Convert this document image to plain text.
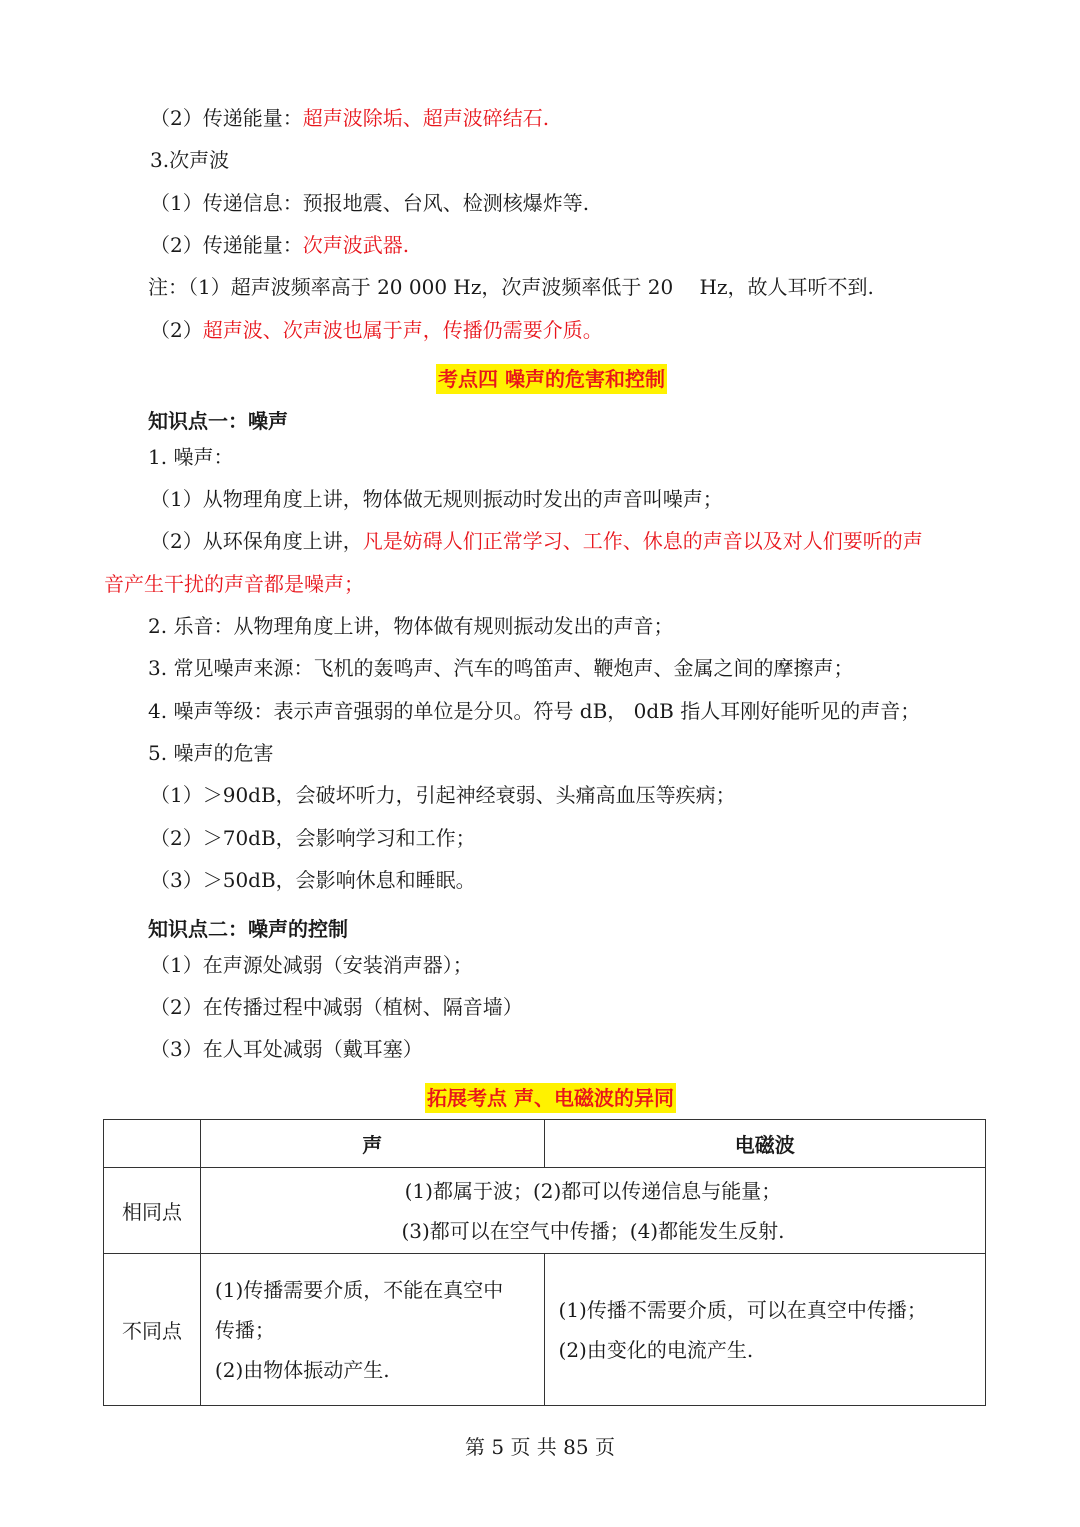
（2）传递能量：超声波除垢、超声波碎结石.
3.次声波
（1）传递信息：预报地震、台风、检测核爆炸等.
（2）传递能量：次声波武器.
注：（1）超声波频率高于 20 000 Hz，次声波频率低于 20　 Hz，故人耳听不到.
（2）超声波、次声波也属于声，传播仍需要介质。
考点四 噪声的危害和控制
知识点一：噪声
1. 噪声：
（1）从物理角度上讲，物体做无规则振动时发出的声音叫噪声；
（2）从环保角度上讲，凡是妨碍人们正常学习、工作、休息的声音以及对人们要听的声
音产生干扰的声音都是噪声；
2. 乐音：从物理角度上讲，物体做有规则振动发出的声音；
3. 常见噪声来源：飞机的轰鸣声、汽车的鸣笛声、鞭炮声、金属之间的摩擦声；
4. 噪声等级：表示声音强弱的单位是分贝。符号 dB， 0dB 指人耳刚好能听见的声音；
5. 噪声的危害
（1）＞90dB，会破坏听力，引起神经衰弱、头痛高血压等疾病；
（2）＞70dB，会影响学习和工作；
（3）＞50dB，会影响休息和睡眠。
知识点二：噪声的控制
（1）在声源处减弱（安装消声器）；
（2）在传播过程中减弱（植树、隔音墙）
（3）在人耳处减弱（戴耳塞）
拓展考点 声、电磁波的异同
	声	电磁波
相同点	(1)都属于波；(2)都可以传递信息与能量；
(3)都可以在空气中传播；(4)都能发生反射.	

不同点	(1)传播需要介质，不能在真空中
传播；
(2)由物体振动产生.	(1)传播不需要介质，可以在真空中传播；
(2)由变化的电流产生.
第 5 页 共 85 页
